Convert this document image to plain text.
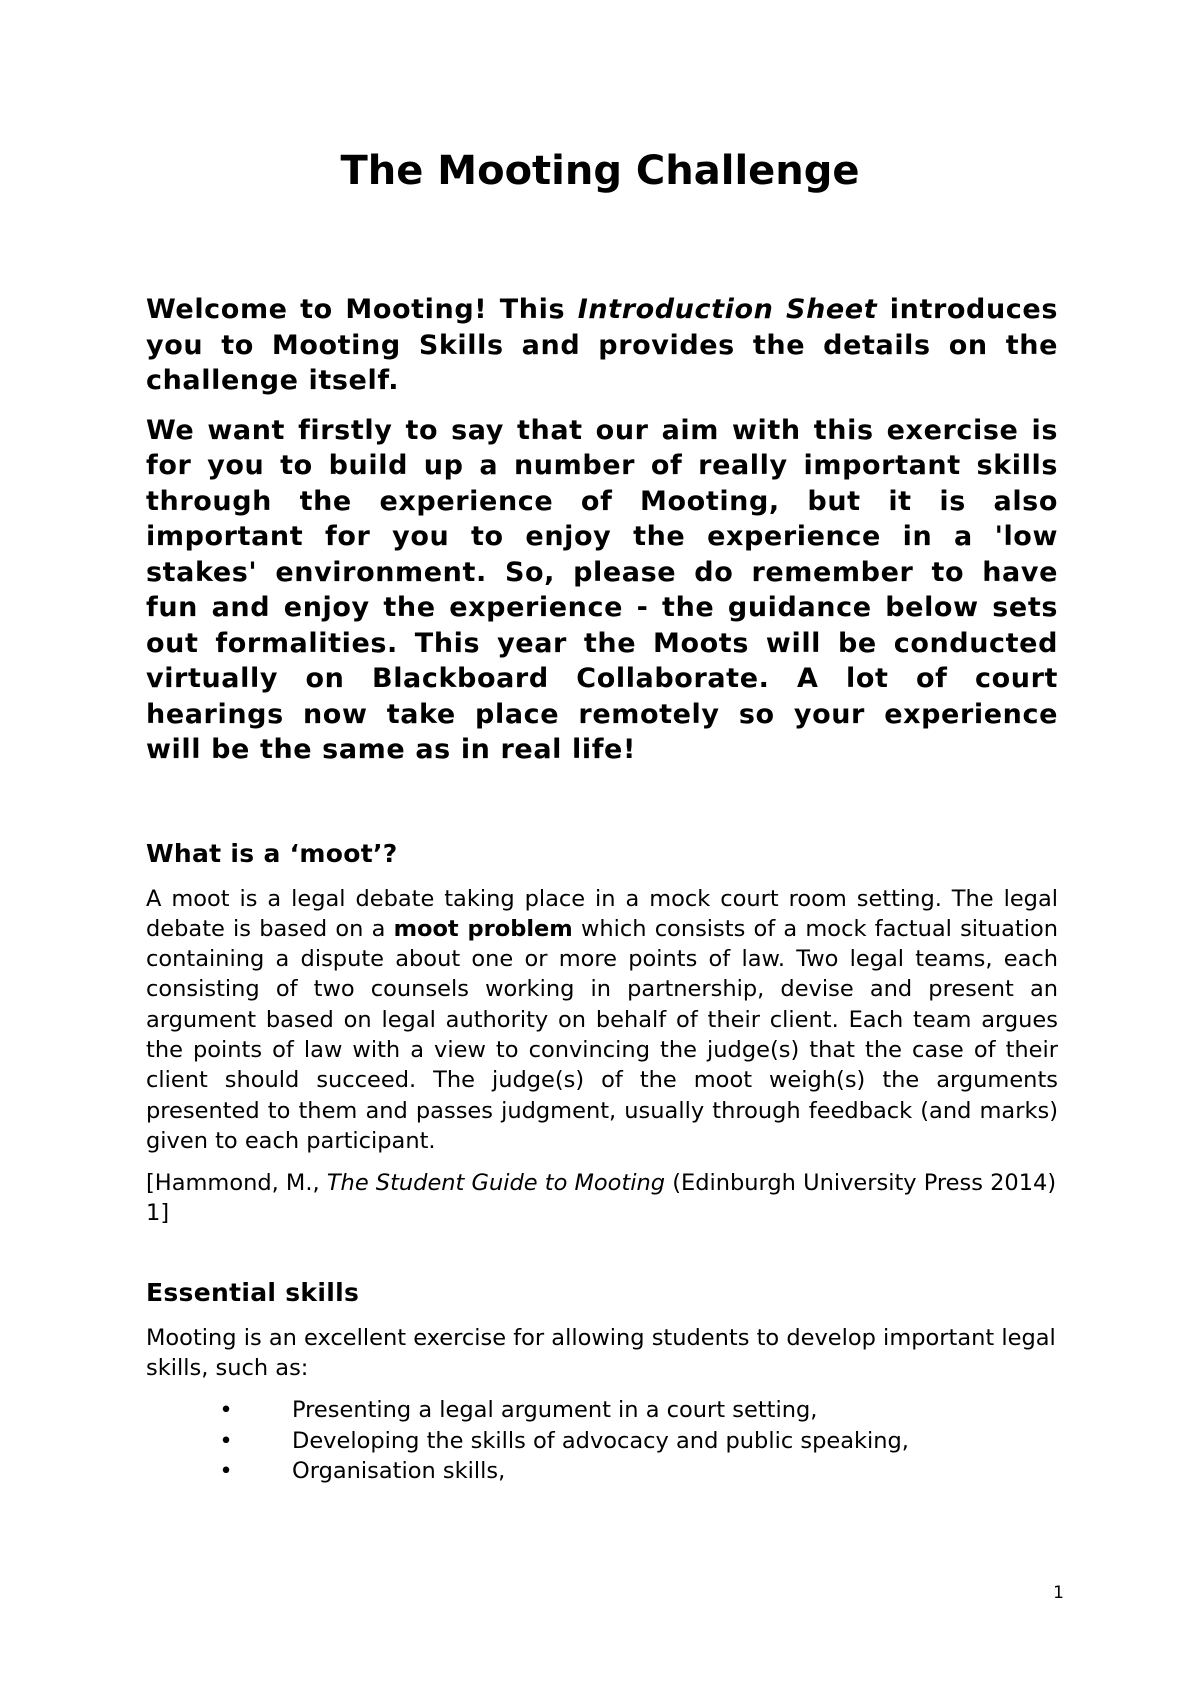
The Mooting Challenge

Welcome to Mooting! This Introduction Sheet introduces you to Mooting Skills and provides the details on the challenge itself.

We want firstly to say that our aim with this exercise is for you to build up a number of really important skills through the experience of Mooting, but it is also important for you to enjoy the experience in a 'low stakes' environment. So, please do remember to have fun and enjoy the experience - the guidance below sets out formalities. This year the Moots will be conducted virtually on Blackboard Collaborate. A lot of court hearings now take place remotely so your experience will be the same as in real life!

What is a ‘moot’?

A moot is a legal debate taking place in a mock court room setting. The legal debate is based on a moot problem which consists of a mock factual situation containing a dispute about one or more points of law. Two legal teams, each consisting of two counsels working in partnership, devise and present an argument based on legal authority on behalf of their client. Each team argues the points of law with a view to convincing the judge(s) that the case of their client should succeed. The judge(s) of the moot weigh(s) the arguments presented to them and passes judgment, usually through feedback (and marks) given to each participant.

[Hammond, M., The Student Guide to Mooting (Edinburgh University Press 2014) 1]

Essential skills

Mooting is an excellent exercise for allowing students to develop important legal skills, such as:

•	Presenting a legal argument in a court setting,
•	Developing the skills of advocacy and public speaking,
•	Organisation skills,
1
